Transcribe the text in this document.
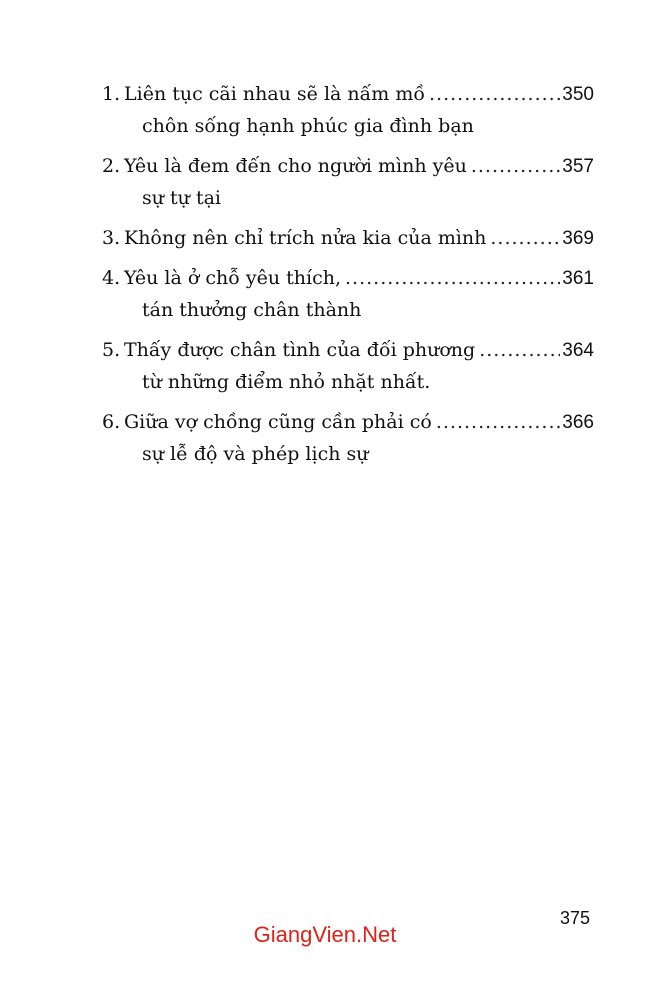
1. Liên tục cãi nhau sẽ là nấm mồ .....	350
chôn sống hạnh phúc gia đình bạn
2. Yêu là đem đến cho người mình yêu .....	357
sự tự tại
3. Không nên chỉ trích nửa kia của mình .....	369
4. Yêu là ở chỗ yêu thích, .....	361
tán thưởng chân thành
5. Thấy được chân tình của đối phương .....	364
từ những điểm nhỏ nhặt nhất.
6. Giữa vợ chồng cũng cần phải có .....	366
sự lễ độ và phép lịch sự
375
GiangVien.Net
